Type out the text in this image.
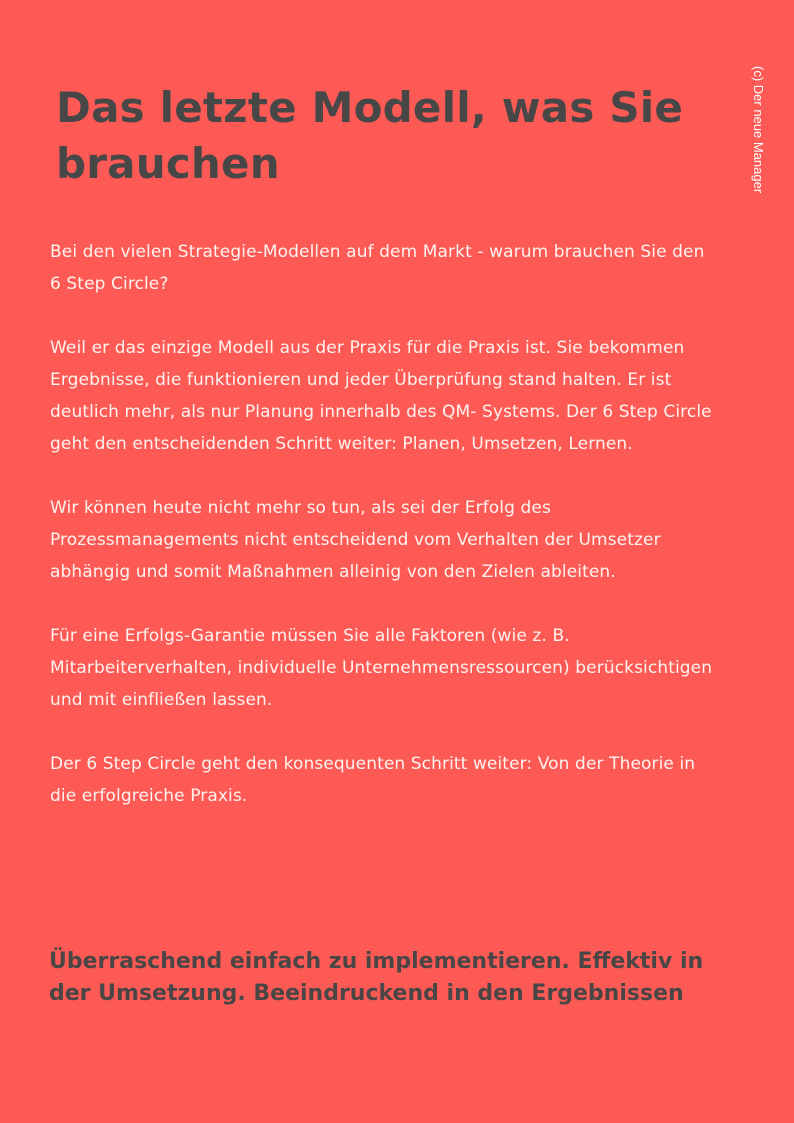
Das letzte Modell, was Sie brauchen	(c) Der neue Manager

Bei den vielen Strategie-Modellen auf dem Markt - warum brauchen Sie den 6 Step Circle?

Weil er das einzige Modell aus der Praxis für die Praxis ist. Sie bekommen Ergebnisse, die funktionieren und jeder Überprüfung stand halten. Er ist deutlich mehr, als nur Planung innerhalb des QM- Systems. Der 6 Step Circle geht den entscheidenden Schritt weiter: Planen, Umsetzen, Lernen.

Wir können heute nicht mehr so tun, als sei der Erfolg des Prozessmanagements nicht entscheidend vom Verhalten der Umsetzer abhängig und somit Maßnahmen alleinig von den Zielen ableiten.

Für eine Erfolgs-Garantie müssen Sie alle Faktoren (wie z. B. Mitarbeiterverhalten, individuelle Unternehmensressourcen) berücksichtigen und mit einfließen lassen.

Der 6 Step Circle geht den konsequenten Schritt weiter: Von der Theorie in die erfolgreiche Praxis.

Überraschend einfach zu implementieren. Effektiv in der Umsetzung. Beeindruckend in den Ergebnissen
